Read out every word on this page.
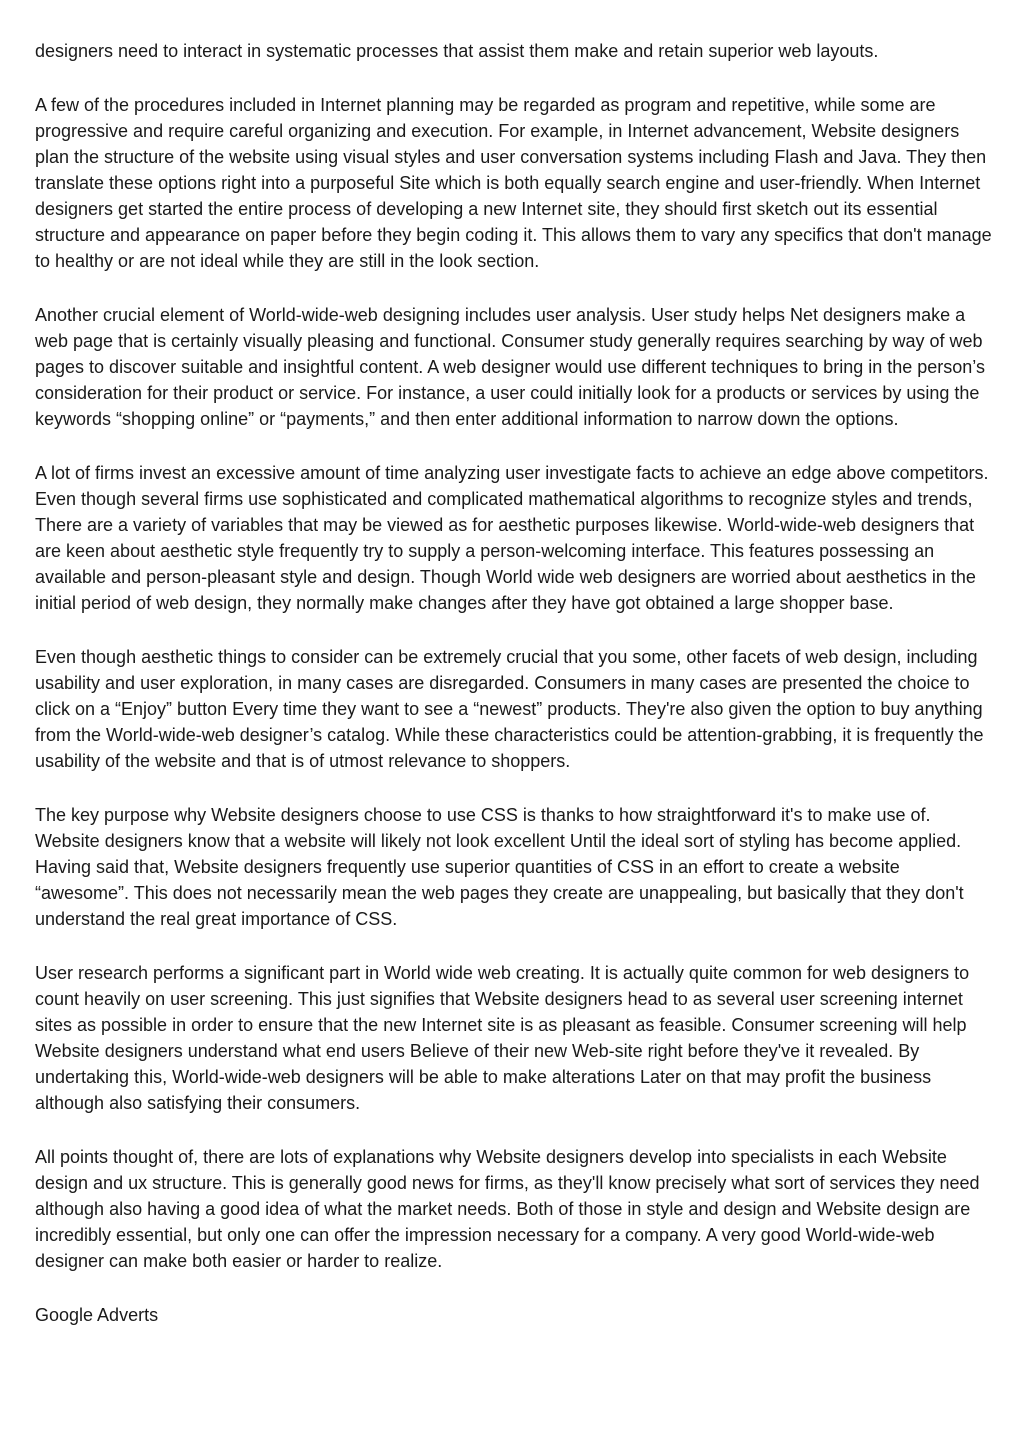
designers need to interact in systematic processes that assist them make and retain superior web layouts.

A few of the procedures included in Internet planning may be regarded as program and repetitive, while some are progressive and require careful organizing and execution. For example, in Internet advancement, Website designers plan the structure of the website using visual styles and user conversation systems including Flash and Java. They then translate these options right into a purposeful Site which is both equally search engine and user-friendly. When Internet designers get started the entire process of developing a new Internet site, they should first sketch out its essential structure and appearance on paper before they begin coding it. This allows them to vary any specifics that don't manage to healthy or are not ideal while they are still in the look section.

Another crucial element of World-wide-web designing includes user analysis. User study helps Net designers make a web page that is certainly visually pleasing and functional. Consumer study generally requires searching by way of web pages to discover suitable and insightful content. A web designer would use different techniques to bring in the person’s consideration for their product or service. For instance, a user could initially look for a products or services by using the keywords “shopping online” or “payments,” and then enter additional information to narrow down the options.

A lot of firms invest an excessive amount of time analyzing user investigate facts to achieve an edge above competitors. Even though several firms use sophisticated and complicated mathematical algorithms to recognize styles and trends, There are a variety of variables that may be viewed as for aesthetic purposes likewise. World-wide-web designers that are keen about aesthetic style frequently try to supply a person-welcoming interface. This features possessing an available and person-pleasant style and design. Though World wide web designers are worried about aesthetics in the initial period of web design, they normally make changes after they have got obtained a large shopper base.

Even though aesthetic things to consider can be extremely crucial that you some, other facets of web design, including usability and user exploration, in many cases are disregarded. Consumers in many cases are presented the choice to click on a “Enjoy” button Every time they want to see a “newest” products. They're also given the option to buy anything from the World-wide-web designer’s catalog. While these characteristics could be attention-grabbing, it is frequently the usability of the website and that is of utmost relevance to shoppers.

The key purpose why Website designers choose to use CSS is thanks to how straightforward it's to make use of. Website designers know that a website will likely not look excellent Until the ideal sort of styling has become applied. Having said that, Website designers frequently use superior quantities of CSS in an effort to create a website “awesome”. This does not necessarily mean the web pages they create are unappealing, but basically that they don't understand the real great importance of CSS.

User research performs a significant part in World wide web creating. It is actually quite common for web designers to count heavily on user screening. This just signifies that Website designers head to as several user screening internet sites as possible in order to ensure that the new Internet site is as pleasant as feasible. Consumer screening will help Website designers understand what end users Believe of their new Web-site right before they've it revealed. By undertaking this, World-wide-web designers will be able to make alterations Later on that may profit the business although also satisfying their consumers.

All points thought of, there are lots of explanations why Website designers develop into specialists in each Website design and ux structure. This is generally good news for firms, as they'll know precisely what sort of services they need although also having a good idea of what the market needs. Both of those in style and design and Website design are incredibly essential, but only one can offer the impression necessary for a company. A very good World-wide-web designer can make both easier or harder to realize.

Google Adverts
